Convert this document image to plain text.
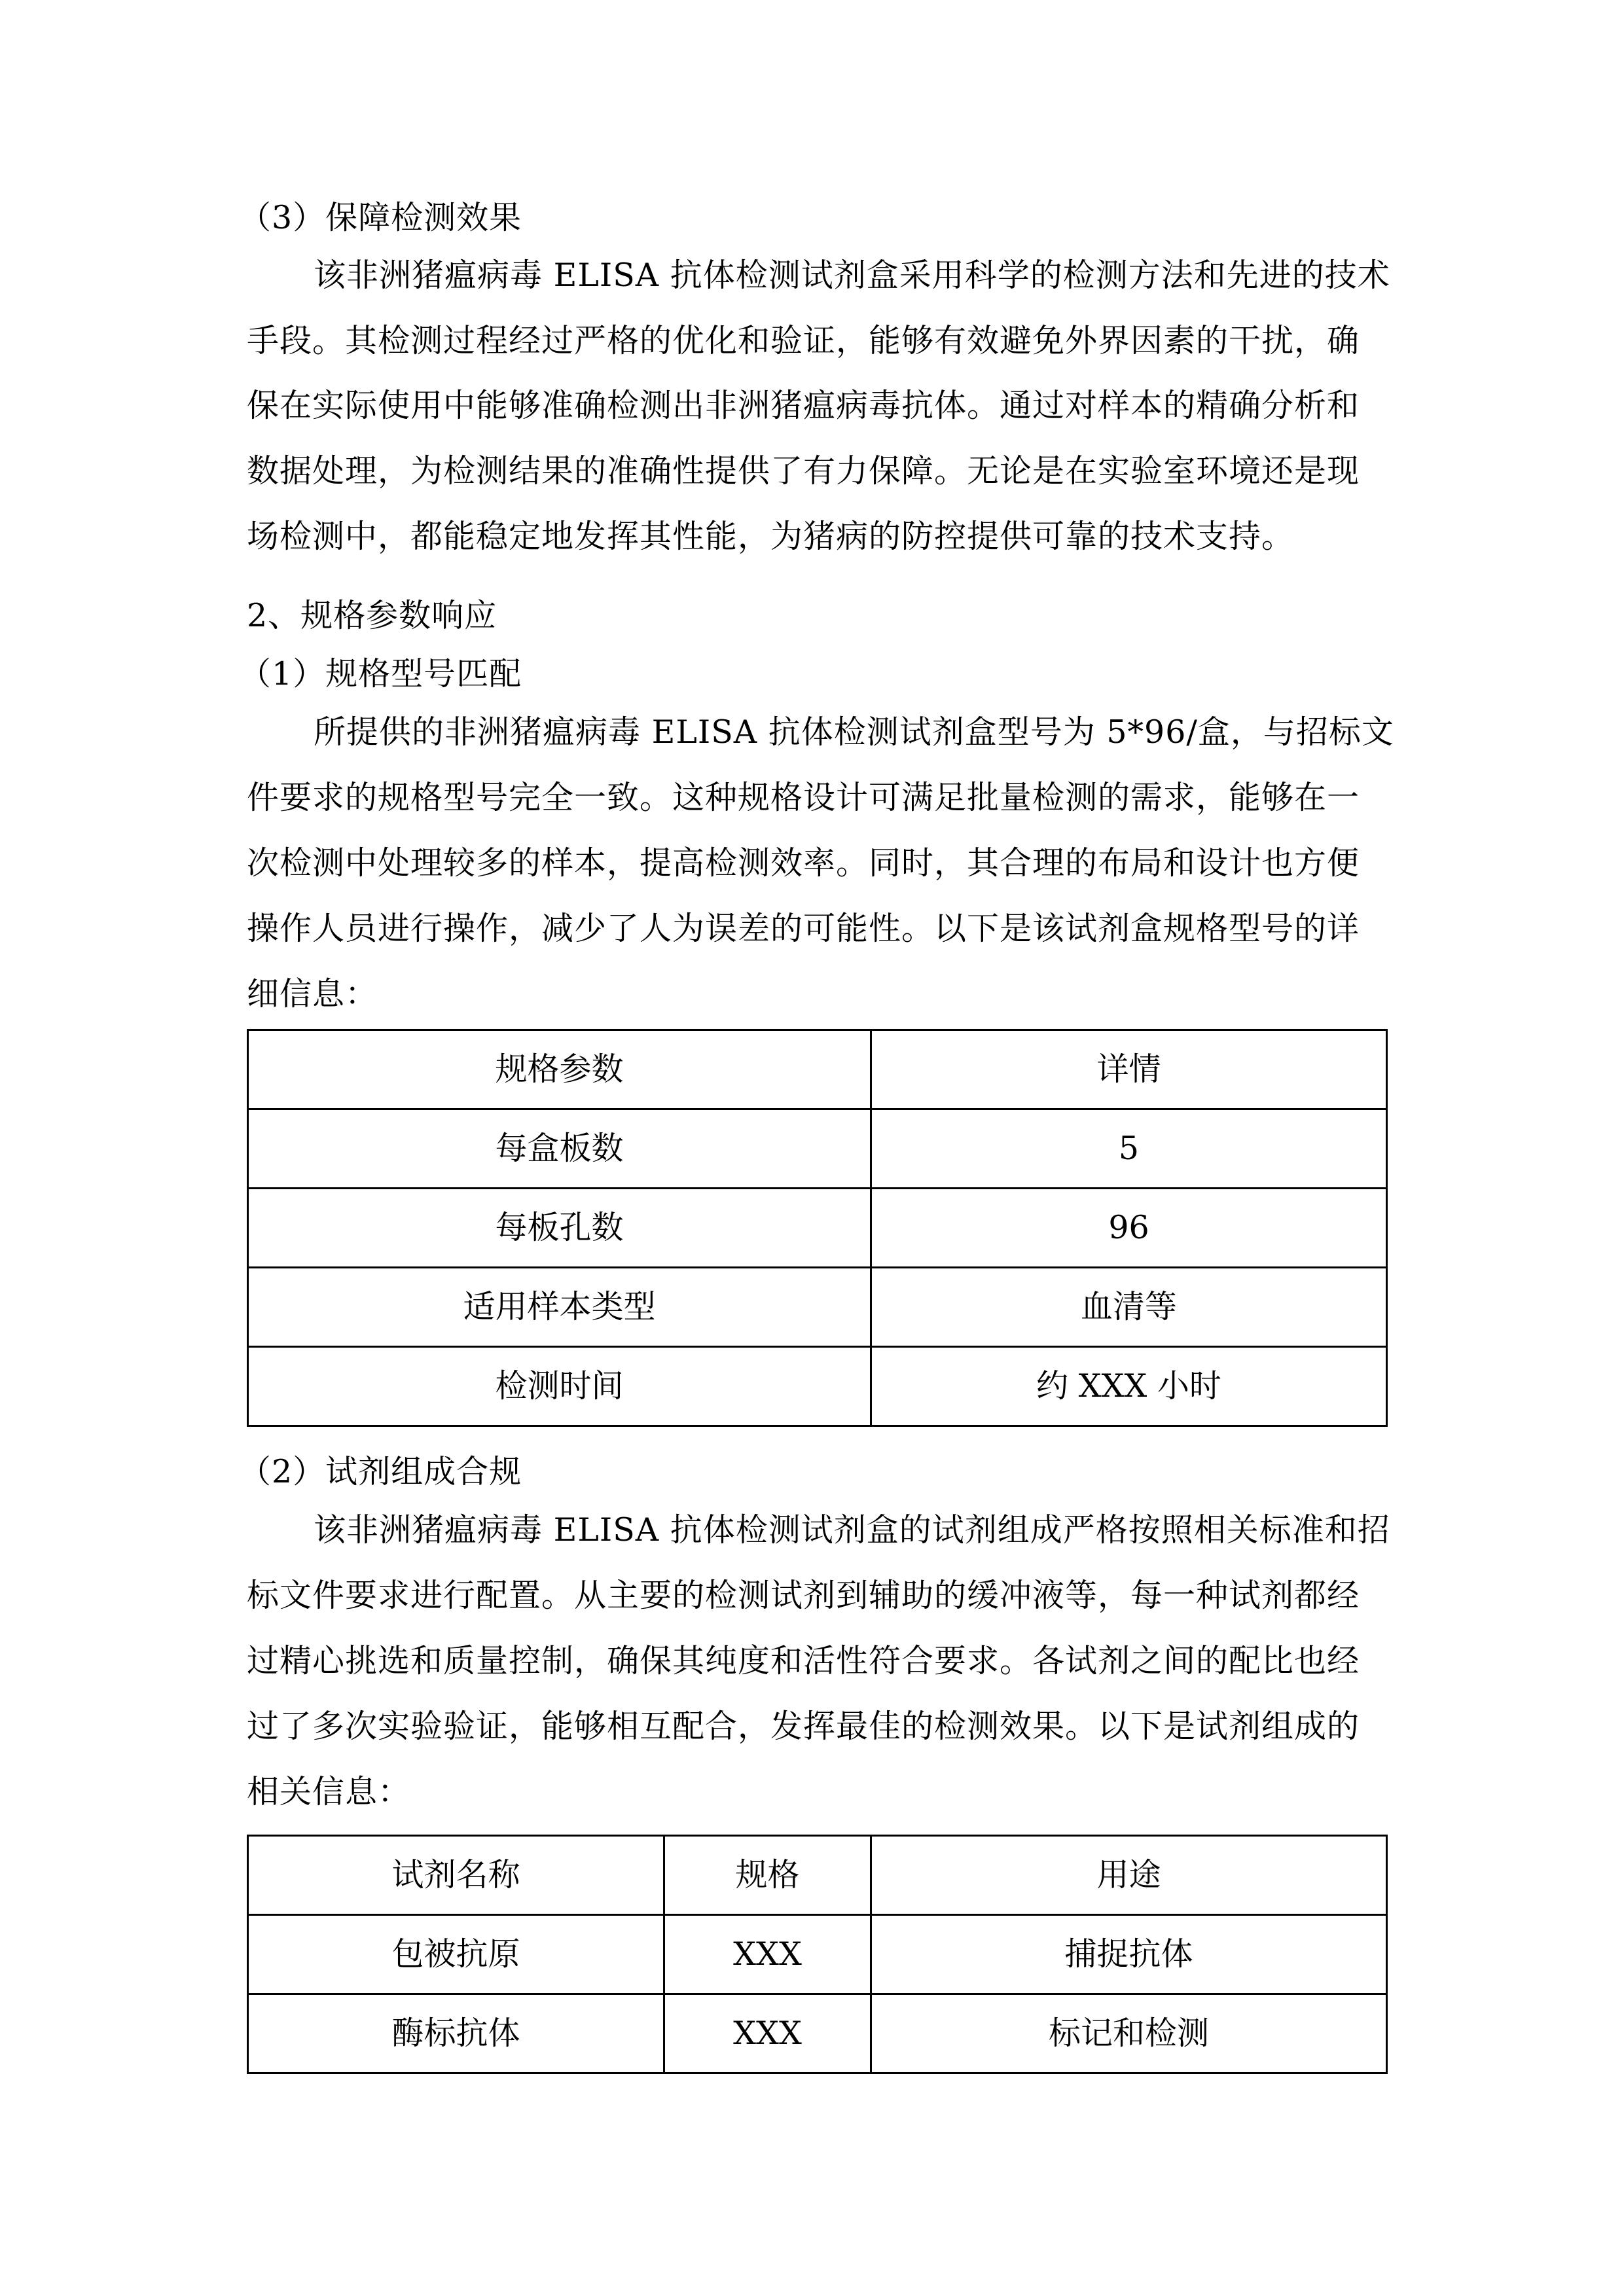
（3）保障检测效果
该非洲猪瘟病毒 ELISA 抗体检测试剂盒采用科学的检测方法和先进的技术
手段。其检测过程经过严格的优化和验证，能够有效避免外界因素的干扰，确
保在实际使用中能够准确检测出非洲猪瘟病毒抗体。通过对样本的精确分析和
数据处理，为检测结果的准确性提供了有力保障。无论是在实验室环境还是现
场检测中，都能稳定地发挥其性能，为猪病的防控提供可靠的技术支持。
2、规格参数响应
（1）规格型号匹配
所提供的非洲猪瘟病毒 ELISA 抗体检测试剂盒型号为 5*96/盒，与招标文
件要求的规格型号完全一致。这种规格设计可满足批量检测的需求，能够在一
次检测中处理较多的样本，提高检测效率。同时，其合理的布局和设计也方便
操作人员进行操作，减少了人为误差的可能性。以下是该试剂盒规格型号的详
细信息：
规格参数	详情
每盒板数	5
每板孔数	96
适用样本类型	血清等
检测时间	约 XXX 小时
（2）试剂组成合规
该非洲猪瘟病毒 ELISA 抗体检测试剂盒的试剂组成严格按照相关标准和招
标文件要求进行配置。从主要的检测试剂到辅助的缓冲液等，每一种试剂都经
过精心挑选和质量控制，确保其纯度和活性符合要求。各试剂之间的配比也经
过了多次实验验证，能够相互配合，发挥最佳的检测效果。以下是试剂组成的
相关信息：
试剂名称	规格	用途
包被抗原	XXX	捕捉抗体
酶标抗体	XXX	标记和检测
